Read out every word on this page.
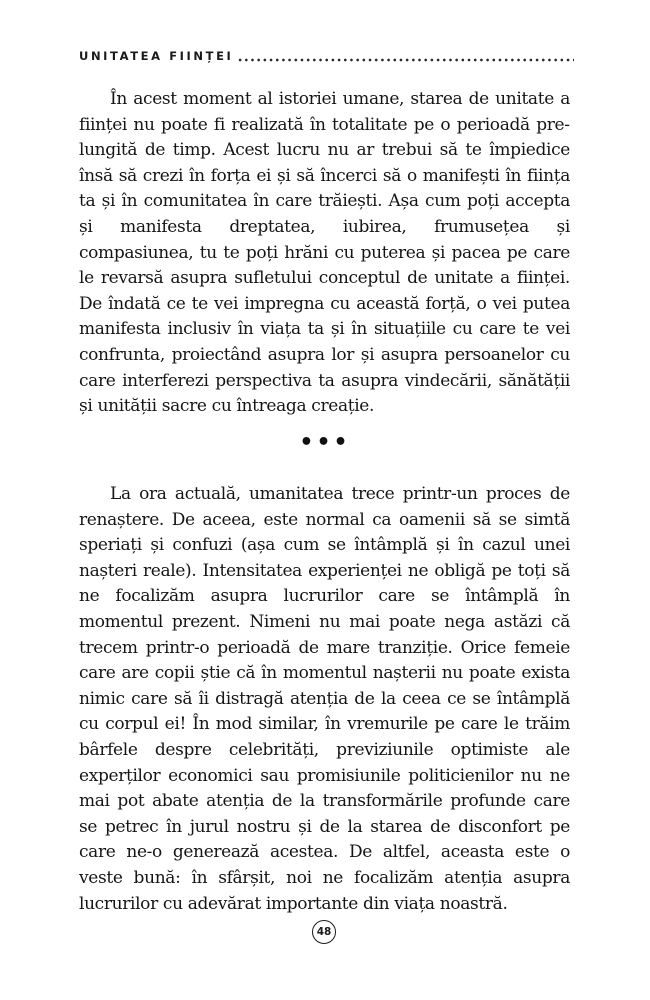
UNITATEA FIINȚEI

În acest moment al istoriei umane, starea de unitate a ființei nu poate fi realizată în totalitate pe o perioadă prelungită de timp. Acest lucru nu ar trebui să te împiedice însă să crezi în forța ei și să încerci să o manifești în ființa ta și în comunitatea în care trăiești. Așa cum poți accepta și manifesta dreptatea, iubirea, frumusețea și compasiunea, tu te poți hrăni cu puterea și pacea pe care le revarsă asupra sufletului conceptul de unitate a ființei. De îndată ce te vei impregna cu această forță, o vei putea manifesta inclusiv în viața ta și în situațiile cu care te vei confrunta, proiectând asupra lor și asupra persoanelor cu care interferezi perspectiva ta asupra vindecării, sănătății și unității sacre cu întreaga creație.

•••

La ora actuală, umanitatea trece printr-un proces de renaștere. De aceea, este normal ca oamenii să se simtă speriați și confuzi (așa cum se întâmplă și în cazul unei nașteri reale). Intensitatea experienței ne obligă pe toți să ne focalizăm asupra lucrurilor care se întâmplă în momentul prezent. Nimeni nu mai poate nega astăzi că trecem printr-o perioadă de mare tranziție. Orice femeie care are copii știe că în momentul nașterii nu poate exista nimic care să îi distragă atenția de la ceea ce se întâmplă cu corpul ei! În mod similar, în vremurile pe care le trăim bârfele despre celebrități, previziunile optimiste ale experților economici sau promisiunile politicienilor nu ne mai pot abate atenția de la transformările profunde care se petrec în jurul nostru și de la starea de disconfort pe care ne-o generează acestea. De altfel, aceasta este o veste bună: în sfârșit, noi ne focalizăm atenția asupra lucrurilor cu adevărat importante din viața noastră.

48
